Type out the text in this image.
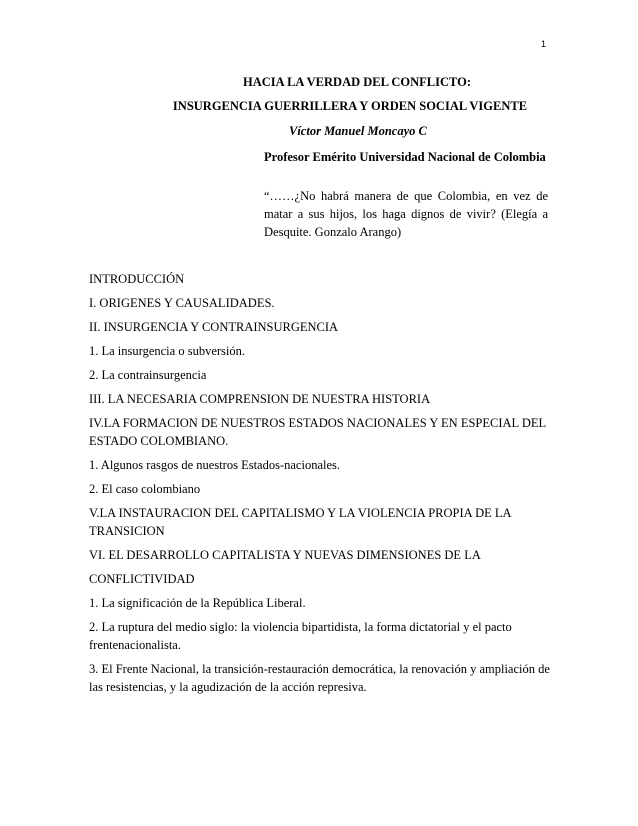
1
HACIA LA VERDAD DEL CONFLICTO:
INSURGENCIA GUERRILLERA Y ORDEN SOCIAL VIGENTE
Víctor Manuel Moncayo C
Profesor Emérito Universidad Nacional de Colombia
“……¿No habrá manera de que Colombia, en vez de matar a sus hijos, los haga dignos de vivir? (Elegía a Desquite. Gonzalo Arango)
INTRODUCCIÓN
I. ORIGENES Y CAUSALIDADES.
II. INSURGENCIA Y CONTRAINSURGENCIA
1. La insurgencia o subversión.
2. La contrainsurgencia
III. LA NECESARIA COMPRENSION DE NUESTRA HISTORIA
IV.LA FORMACION DE NUESTROS ESTADOS NACIONALES Y EN ESPECIAL DEL ESTADO COLOMBIANO.
1. Algunos rasgos de nuestros Estados-nacionales.
2. El caso colombiano
V.LA INSTAURACION DEL CAPITALISMO Y LA VIOLENCIA PROPIA DE LA TRANSICION
VI. EL DESARROLLO CAPITALISTA Y NUEVAS DIMENSIONES DE LA
CONFLICTIVIDAD
1. La significación de la República Liberal.
2. La ruptura del medio siglo: la violencia bipartidista, la forma dictatorial y el pacto frentenacionalista.
3. El Frente Nacional, la transición-restauración democrática, la renovación y ampliación de las resistencias, y la agudización de la acción represiva.
